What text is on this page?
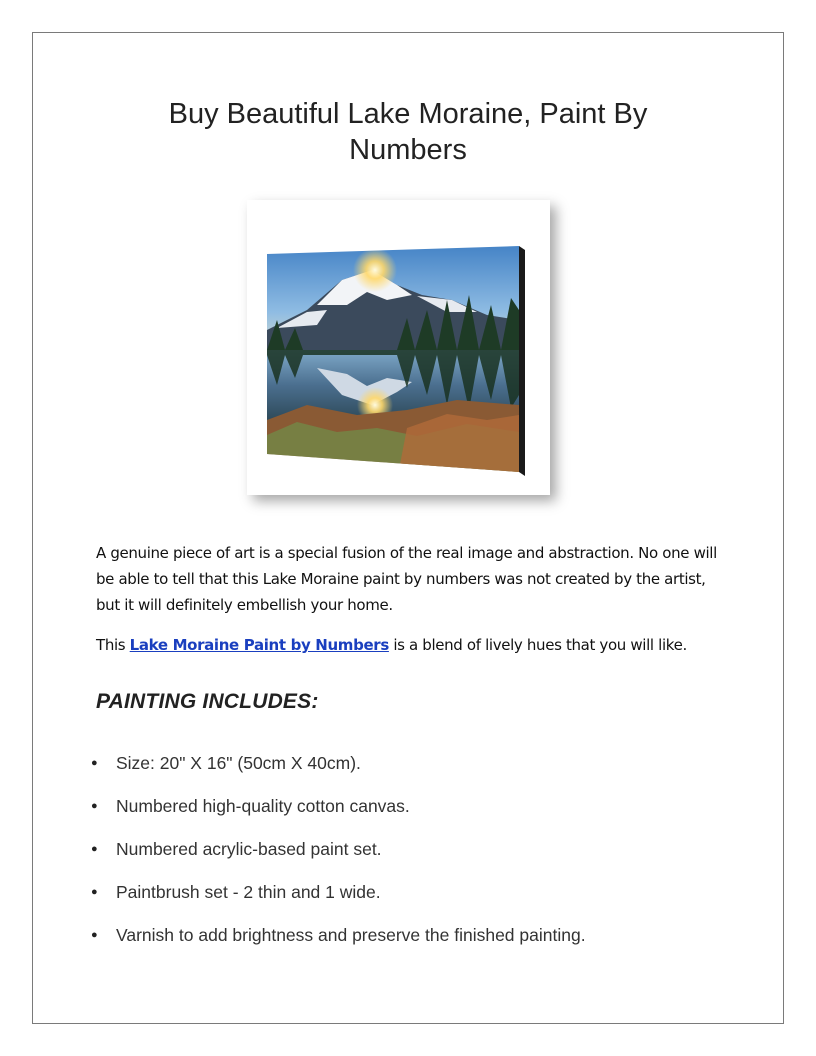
Buy Beautiful Lake Moraine, Paint By Numbers

A genuine piece of art is a special fusion of the real image and abstraction. No one will be able to tell that this Lake Moraine paint by numbers was not created by the artist, but it will definitely embellish your home.

This Lake Moraine Paint by Numbers is a blend of lively hues that you will like.

PAINTING INCLUDES:
● Size: 20" X 16" (50cm X 40cm).
● Numbered high-quality cotton canvas.
● Numbered acrylic-based paint set.
● Paintbrush set - 2 thin and 1 wide.
● Varnish to add brightness and preserve the finished painting.
